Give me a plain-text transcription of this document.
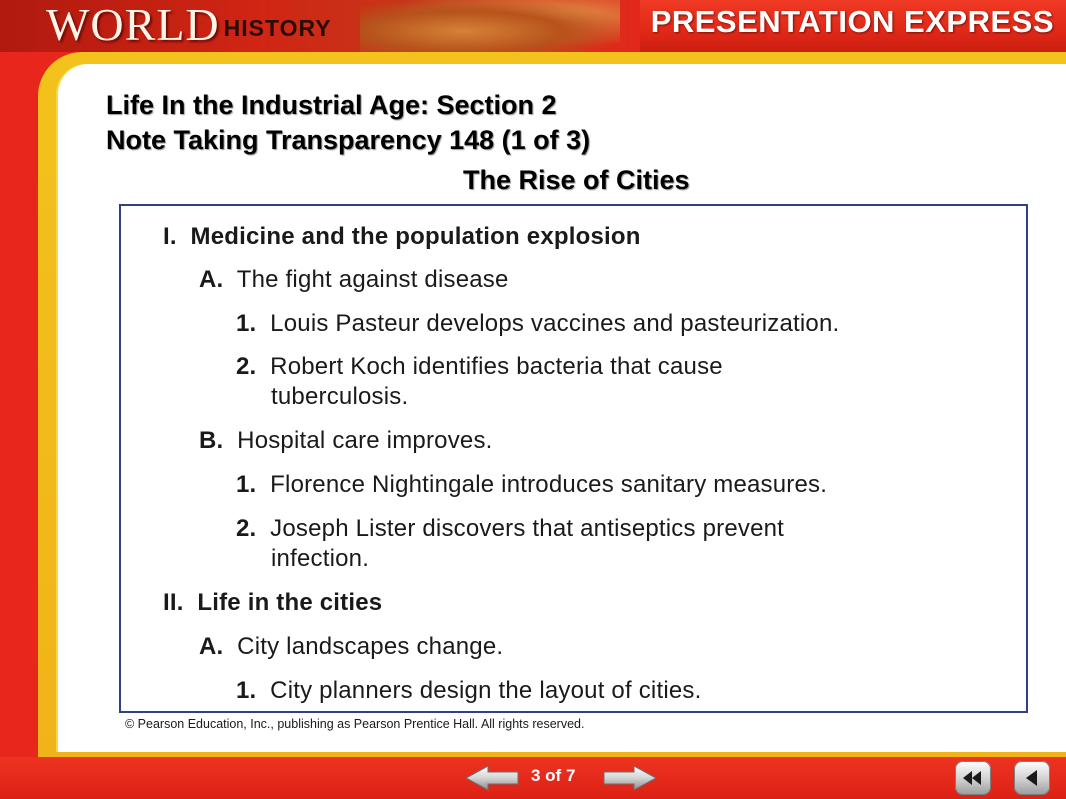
WORLD HISTORY	PRESENTATION EXPRESS
Life In the Industrial Age: Section 2
Note Taking Transparency 148 (1 of 3)
The Rise of Cities
I. Medicine and the population explosion
A. The fight against disease
1. Louis Pasteur develops vaccines and pasteurization.
2. Robert Koch identifies bacteria that cause
tuberculosis.
B. Hospital care improves.
1. Florence Nightingale introduces sanitary measures.
2. Joseph Lister discovers that antiseptics prevent
infection.
II. Life in the cities
A. City landscapes change.
1. City planners design the layout of cities.
© Pearson Education, Inc., publishing as Pearson Prentice Hall. All rights reserved.
3 of 7
